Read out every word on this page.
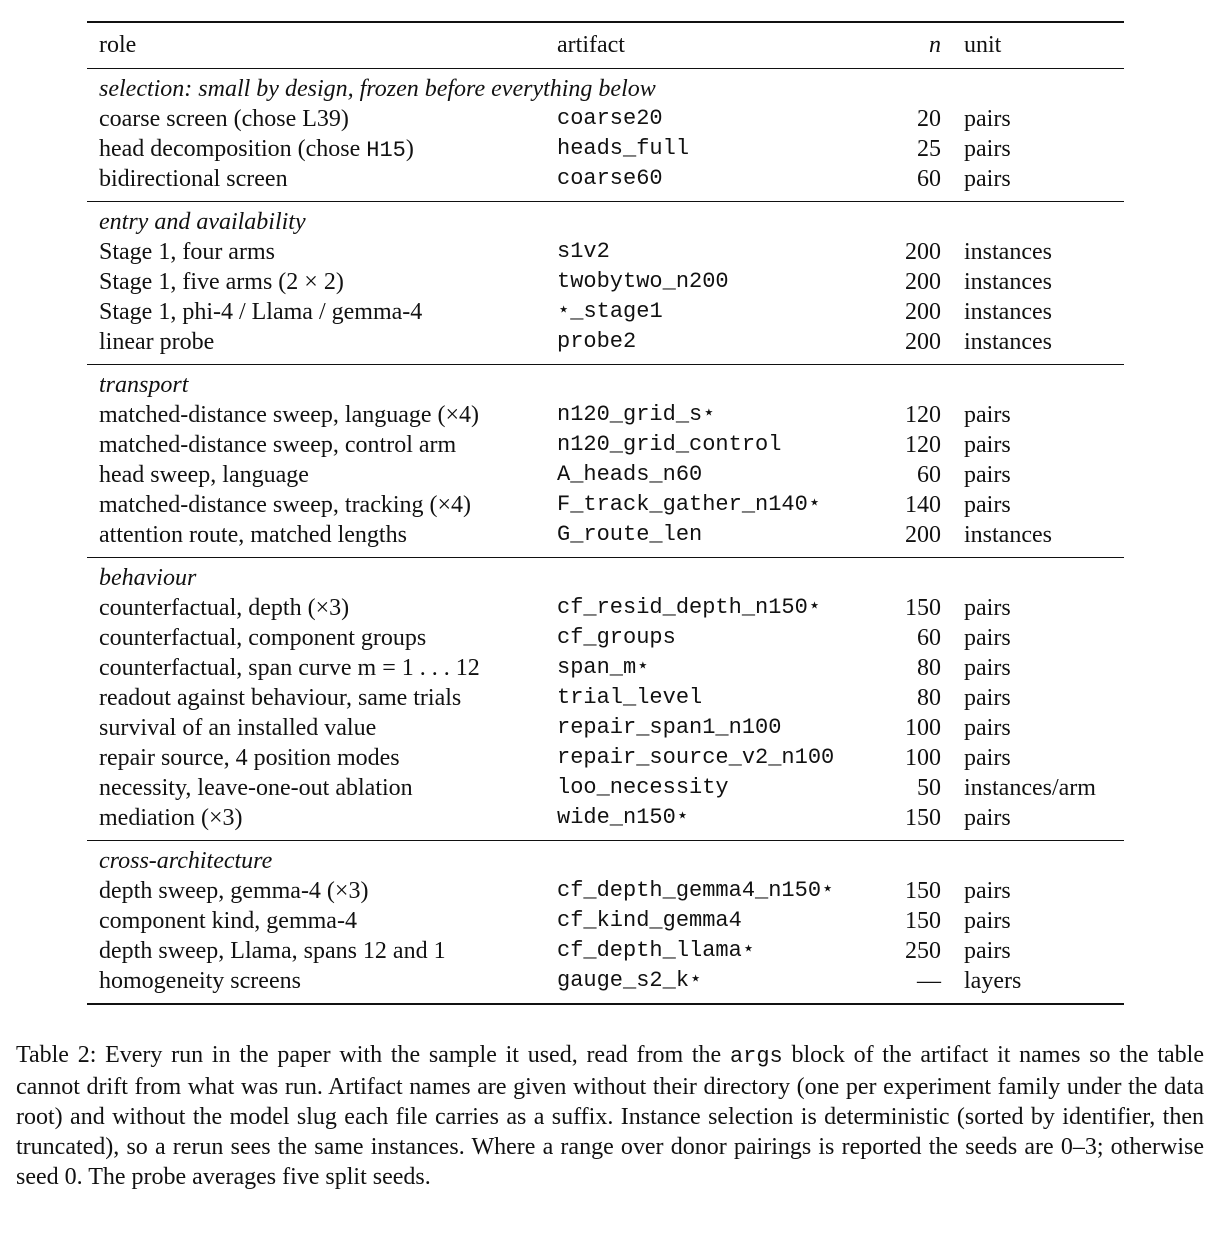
role	artifact	n unit
selection: small by design, frozen before everything below
coarse screen (chose L39)	coarse20	20 pairs
head decomposition (chose H15)	heads_full	25 pairs
bidirectional screen	coarse60	60 pairs
entry and availability
Stage 1, four arms	s1v2	200 instances
Stage 1, five arms (2 × 2)	twobytwo_n200	200 instances
Stage 1, phi-4 / Llama / gemma-4	⋆_stage1	200 instances
linear probe	probe2	200 instances
transport
matched-distance sweep, language (×4)	n120_grid_s⋆	120 pairs
matched-distance sweep, control arm	n120_grid_control	120 pairs
head sweep, language	A_heads_n60	60 pairs
matched-distance sweep, tracking (×4)	F_track_gather_n140⋆	140 pairs
attention route, matched lengths	G_route_len	200 instances
behaviour
counterfactual, depth (×3)	cf_resid_depth_n150⋆	150 pairs
counterfactual, component groups	cf_groups	60 pairs
counterfactual, span curve m = 1 . . . 12	span_m⋆	80 pairs
readout against behaviour, same trials	trial_level	80 pairs
survival of an installed value	repair_span1_n100	100 pairs
repair source, 4 position modes	repair_source_v2_n100	100 pairs
necessity, leave-one-out ablation	loo_necessity	50 instances/arm
mediation (×3)	wide_n150⋆	150 pairs
cross-architecture
depth sweep, gemma-4 (×3)	cf_depth_gemma4_n150⋆	150 pairs
component kind, gemma-4	cf_kind_gemma4	150 pairs
depth sweep, Llama, spans 12 and 1	cf_depth_llama⋆	250 pairs
homogeneity screens	gauge_s2_k⋆	— layers
Table 2: Every run in the paper with the sample it used, read from the args block of the artifact it names so the table cannot drift from what was run. Artifact names are given without their directory (one per experiment family under the data root) and without the model slug each file carries as a suffix. Instance selection is deterministic (sorted by identifier, then truncated), so a rerun sees the same instances. Where a range over donor pairings is reported the seeds are 0–3; otherwise seed 0. The probe averages five split seeds.
